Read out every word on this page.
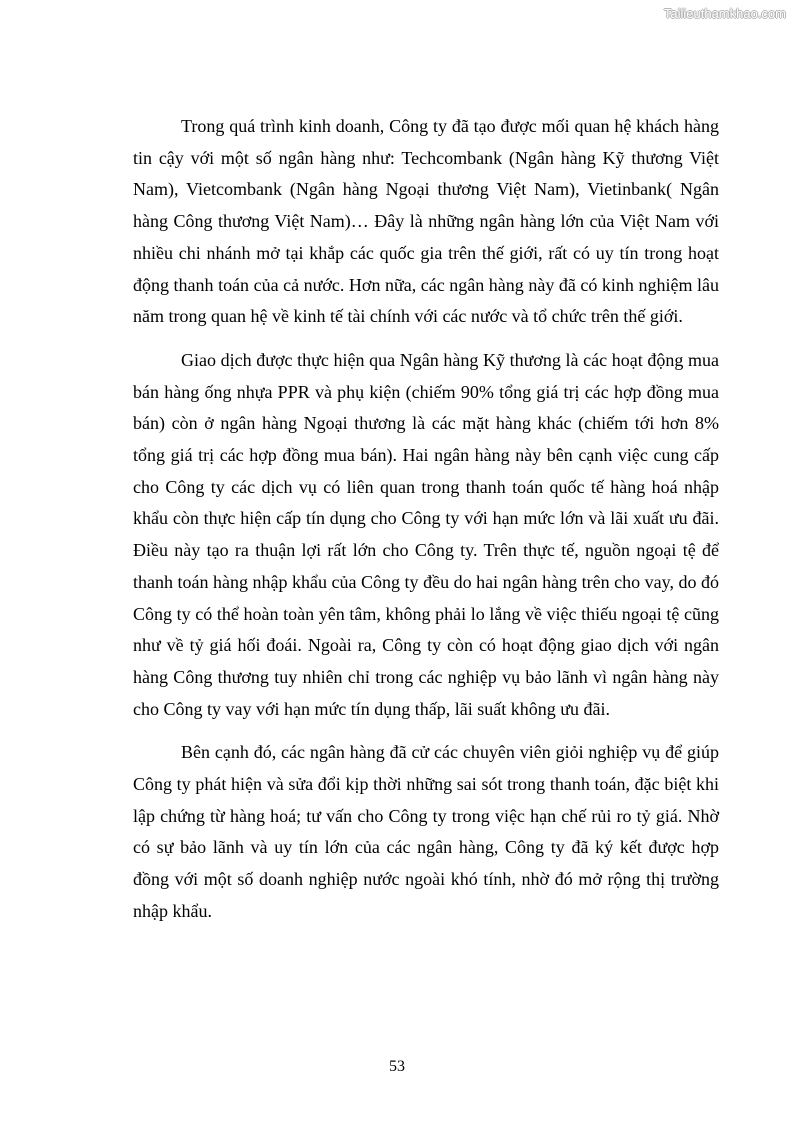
Tailieuthamkhao.com

Trong quá trình kinh doanh, Công ty đã tạo được mối quan hệ khách hàng tin cậy với một số ngân hàng như: Techcombank (Ngân hàng Kỹ thương Việt Nam), Vietcombank (Ngân hàng Ngoại thương Việt Nam), Vietinbank( Ngân hàng Công thương Việt Nam)… Đây là những ngân hàng lớn của Việt Nam với nhiều chi nhánh mở tại khắp các quốc gia trên thế giới, rất có uy tín trong hoạt động thanh toán của cả nước. Hơn nữa, các ngân hàng này đã có kinh nghiệm lâu năm trong quan hệ về kinh tế tài chính với các nước và tổ chức trên thế giới.

Giao dịch được thực hiện qua Ngân hàng Kỹ thương là các hoạt động mua bán hàng ống nhựa PPR và phụ kiện (chiếm 90% tổng giá trị các hợp đồng mua bán) còn ở ngân hàng Ngoại thương là các mặt hàng khác (chiếm tới hơn 8% tổng giá trị các hợp đồng mua bán). Hai ngân hàng này bên cạnh việc cung cấp cho Công ty các dịch vụ có liên quan trong thanh toán quốc tế hàng hoá nhập khẩu còn thực hiện cấp tín dụng cho Công ty với hạn mức lớn và lãi xuất ưu đãi. Điều này tạo ra thuận lợi rất lớn cho Công ty. Trên thực tế, nguồn ngoại tệ để thanh toán hàng nhập khẩu của Công ty đều do hai ngân hàng trên cho vay, do đó Công ty có thể hoàn toàn yên tâm, không phải lo lắng về việc thiếu ngoại tệ cũng như về tỷ giá hối đoái. Ngoài ra, Công ty còn có hoạt động giao dịch với ngân hàng Công thương tuy nhiên chỉ trong các nghiệp vụ bảo lãnh vì ngân hàng này cho Công ty vay với hạn mức tín dụng thấp, lãi suất không ưu đãi.

Bên cạnh đó, các ngân hàng đã cử các chuyên viên giỏi nghiệp vụ để giúp Công ty phát hiện và sửa đổi kịp thời những sai sót trong thanh toán, đặc biệt khi lập chứng từ hàng hoá; tư vấn cho Công ty trong việc hạn chế rủi ro tỷ giá. Nhờ có sự bảo lãnh và uy tín lớn của các ngân hàng, Công ty đã ký kết được hợp đồng với một số doanh nghiệp nước ngoài khó tính, nhờ đó mở rộng thị trường nhập khẩu.

53
